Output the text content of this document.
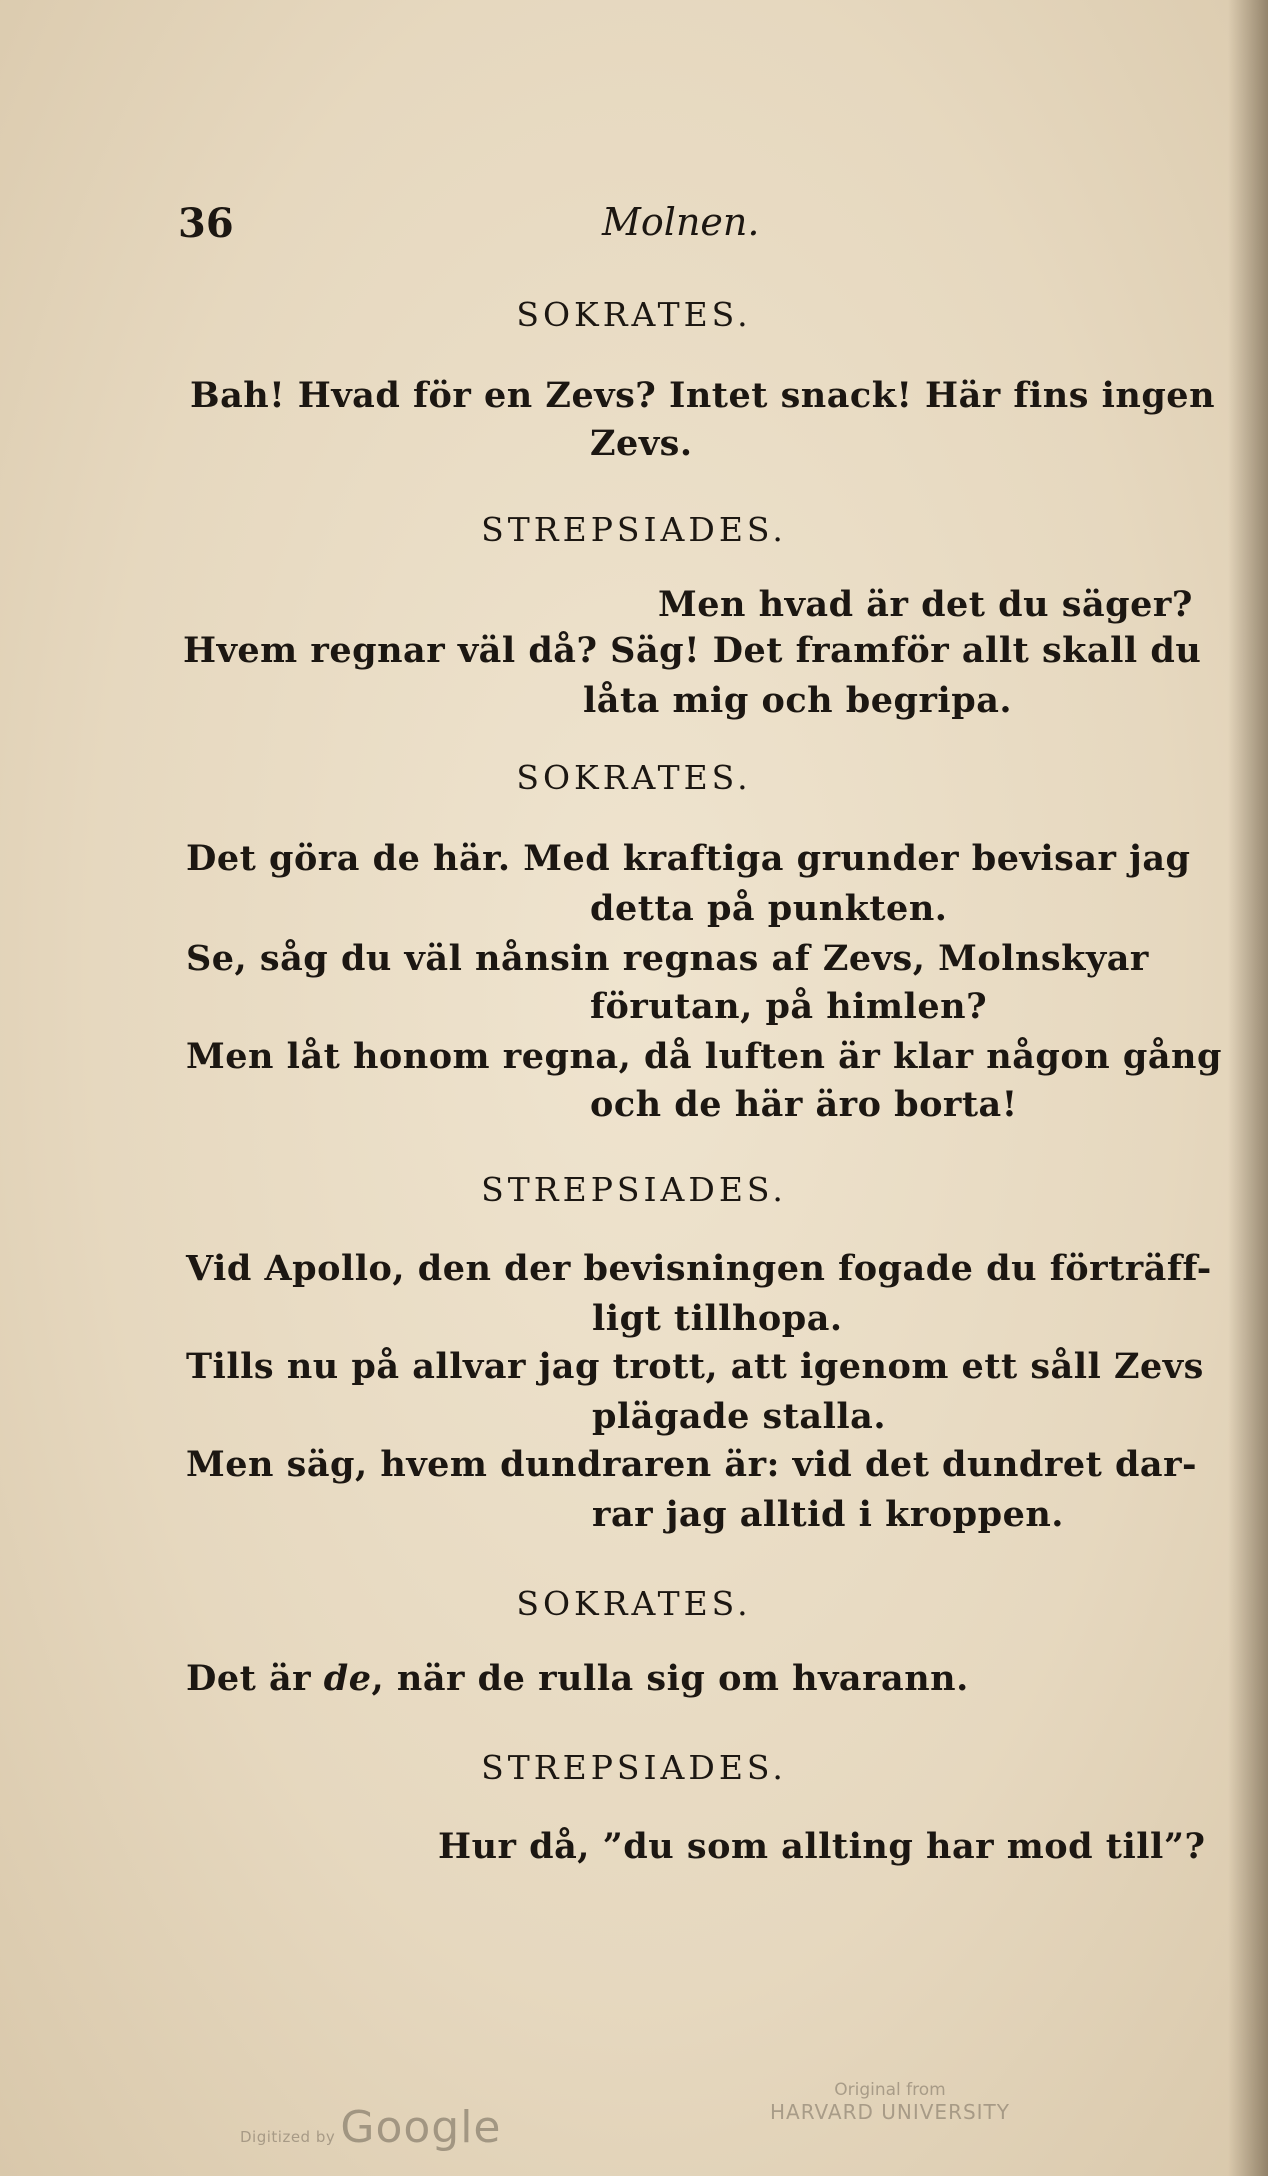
36	Molnen.
SOKRATES.
Bah! Hvad för en Zevs? Intet snack! Här fins ingen
Zevs.
STREPSIADES.
Men hvad är det du säger?
Hvem regnar väl då? Säg! Det framför allt skall du
låta mig och begripa.
SOKRATES.
Det göra de här. Med kraftiga grunder bevisar jag
detta på punkten.
Se, såg du väl nånsin regnas af Zevs, Molnskyar
förutan, på himlen?
Men låt honom regna, då luften är klar någon gång
och de här äro borta!
STREPSIADES.
Vid Apollo, den der bevisningen fogade du förträff-
ligt tillhopa.
Tills nu på allvar jag trott, att igenom ett såll Zevs
plägade stalla.
Men säg, hvem dundraren är: vid det dundret dar-
rar jag alltid i kroppen.
SOKRATES.
Det är de, när de rulla sig om hvarann.
STREPSIADES.
Hur då, ”du som allting har mod till”?
Digitized by Google
Original from
HARVARD UNIVERSITY
